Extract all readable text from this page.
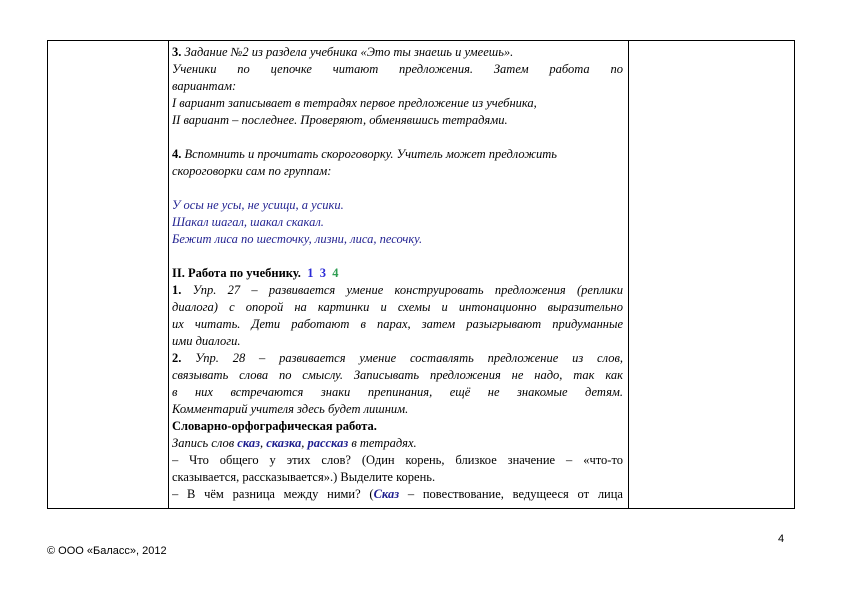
3. Задание №2 из раздела учебника «Это ты знаешь и умеешь».
Ученики по цепочке читают предложения. Затем работа по
вариантам:
I вариант записывает в тетрадях первое предложение из учебника,
II вариант – последнее. Проверяют, обменявшись тетрадями.
4. Вспомнить и прочитать скороговорку. Учитель может предложить
скороговорки сам по группам:
У осы не усы, не усищи, а усики.
Шакал шагал, шакал скакал.
Бежит лиса по шесточку, лизни, лиса, песочку.
II. Работа по учебнику. 1 3 4
1. Упр. 27 – развивается умение конструировать предложения (реплики
диалога) с опорой на картинки и схемы и интонационно выразительно
их читать. Дети работают в парах, затем разыгрывают придуманные
ими диалоги.
2. Упр. 28 – развивается умение составлять предложение из слов,
связывать слова по смыслу. Записывать предложения не надо, так как
в них встречаются знаки препинания, ещё не знакомые детям.
Комментарий учителя здесь будет лишним.
Словарно-орфографическая работа.
Запись слов сказ, сказка, рассказ в тетрадях.
– Что общего у этих слов? (Один корень, близкое значение – «что-то
сказывается, рассказывается».) Выделите корень.
– В чём разница между ними? (Сказ – повествование, ведущееся от лица
4
© ООО «Баласс», 2012
